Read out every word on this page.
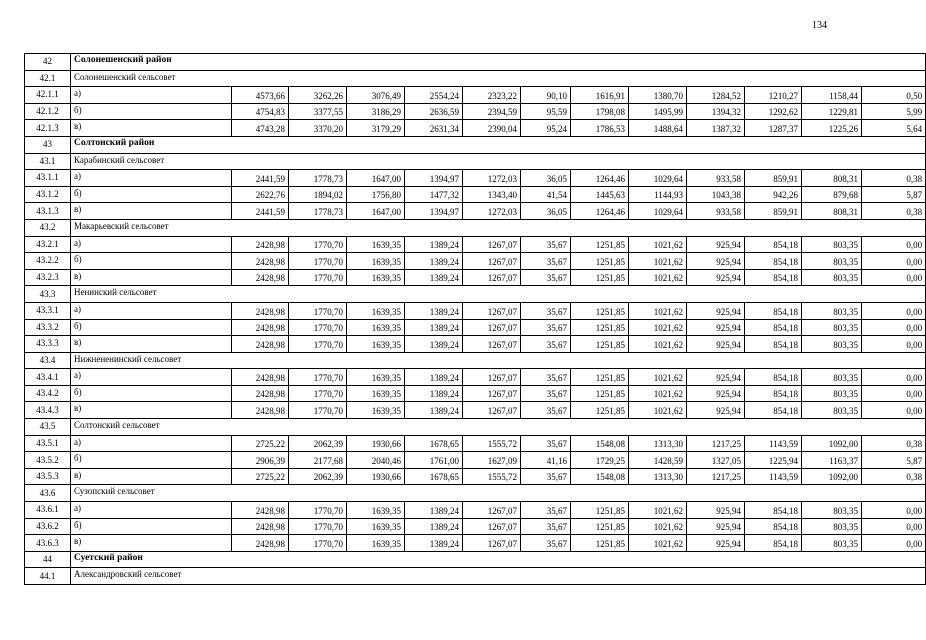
134
42	Солонешенский район												
42.1	Солонешенский сельсовет												
42.1.1	а)	4573,66	3262,26	3076,49	2554,24	2323,22	90,10	1616,91	1380,70	1284,52	1210,27	1158,44	0,50
42.1.2	б)	4754,83	3377,55	3186,29	2636,59	2394,59	95,59	1798,08	1495,99	1394,32	1292,62	1229,81	5,99
42.1.3	в)	4743,28	3370,20	3179,29	2631,34	2390,04	95,24	1786,53	1488,64	1387,32	1287,37	1225,26	5,64
43	Солтонский район												
43.1	Карабинский сельсовет												
43.1.1	а)	2441,59	1778,73	1647,00	1394,97	1272,03	36,05	1264,46	1029,64	933,58	859,91	808,31	0,38
43.1.2	б)	2622,76	1894,02	1756,80	1477,32	1343,40	41,54	1445,63	1144,93	1043,38	942,26	879,68	5,87
43.1.3	в)	2441,59	1778,73	1647,00	1394,97	1272,03	36,05	1264,46	1029,64	933,58	859,91	808,31	0,38
43.2	Макарьевский сельсовет												
43.2.1	а)	2428,98	1770,70	1639,35	1389,24	1267,07	35,67	1251,85	1021,62	925,94	854,18	803,35	0,00
43.2.2	б)	2428,98	1770,70	1639,35	1389,24	1267,07	35,67	1251,85	1021,62	925,94	854,18	803,35	0,00
43.2.3	в)	2428,98	1770,70	1639,35	1389,24	1267,07	35,67	1251,85	1021,62	925,94	854,18	803,35	0,00
43.3	Ненинский сельсовет												
43.3.1	а)	2428,98	1770,70	1639,35	1389,24	1267,07	35,67	1251,85	1021,62	925,94	854,18	803,35	0,00
43.3.2	б)	2428,98	1770,70	1639,35	1389,24	1267,07	35,67	1251,85	1021,62	925,94	854,18	803,35	0,00
43.3.3	в)	2428,98	1770,70	1639,35	1389,24	1267,07	35,67	1251,85	1021,62	925,94	854,18	803,35	0,00
43.4	Нижнененинский сельсовет												
43.4.1	а)	2428,98	1770,70	1639,35	1389,24	1267,07	35,67	1251,85	1021,62	925,94	854,18	803,35	0,00
43.4.2	б)	2428,98	1770,70	1639,35	1389,24	1267,07	35,67	1251,85	1021,62	925,94	854,18	803,35	0,00
43.4.3	в)	2428,98	1770,70	1639,35	1389,24	1267,07	35,67	1251,85	1021,62	925,94	854,18	803,35	0,00
43.5	Солтонский сельсовет												
43.5.1	а)	2725,22	2062,39	1930,66	1678,65	1555,72	35,67	1548,08	1313,30	1217,25	1143,59	1092,00	0,38
43.5.2	б)	2906,39	2177,68	2040,46	1761,00	1627,09	41,16	1729,25	1428,59	1327,05	1225,94	1163,37	5,87
43.5.3	в)	2725,22	2062,39	1930,66	1678,65	1555,72	35,67	1548,08	1313,30	1217,25	1143,59	1092,00	0,38
43.6	Сузопский сельсовет												
43.6.1	а)	2428,98	1770,70	1639,35	1389,24	1267,07	35,67	1251,85	1021,62	925,94	854,18	803,35	0,00
43.6.2	б)	2428,98	1770,70	1639,35	1389,24	1267,07	35,67	1251,85	1021,62	925,94	854,18	803,35	0,00
43.6.3	в)	2428,98	1770,70	1639,35	1389,24	1267,07	35,67	1251,85	1021,62	925,94	854,18	803,35	0,00
44	Суетский район												
44.1	Александровский сельсовет												
